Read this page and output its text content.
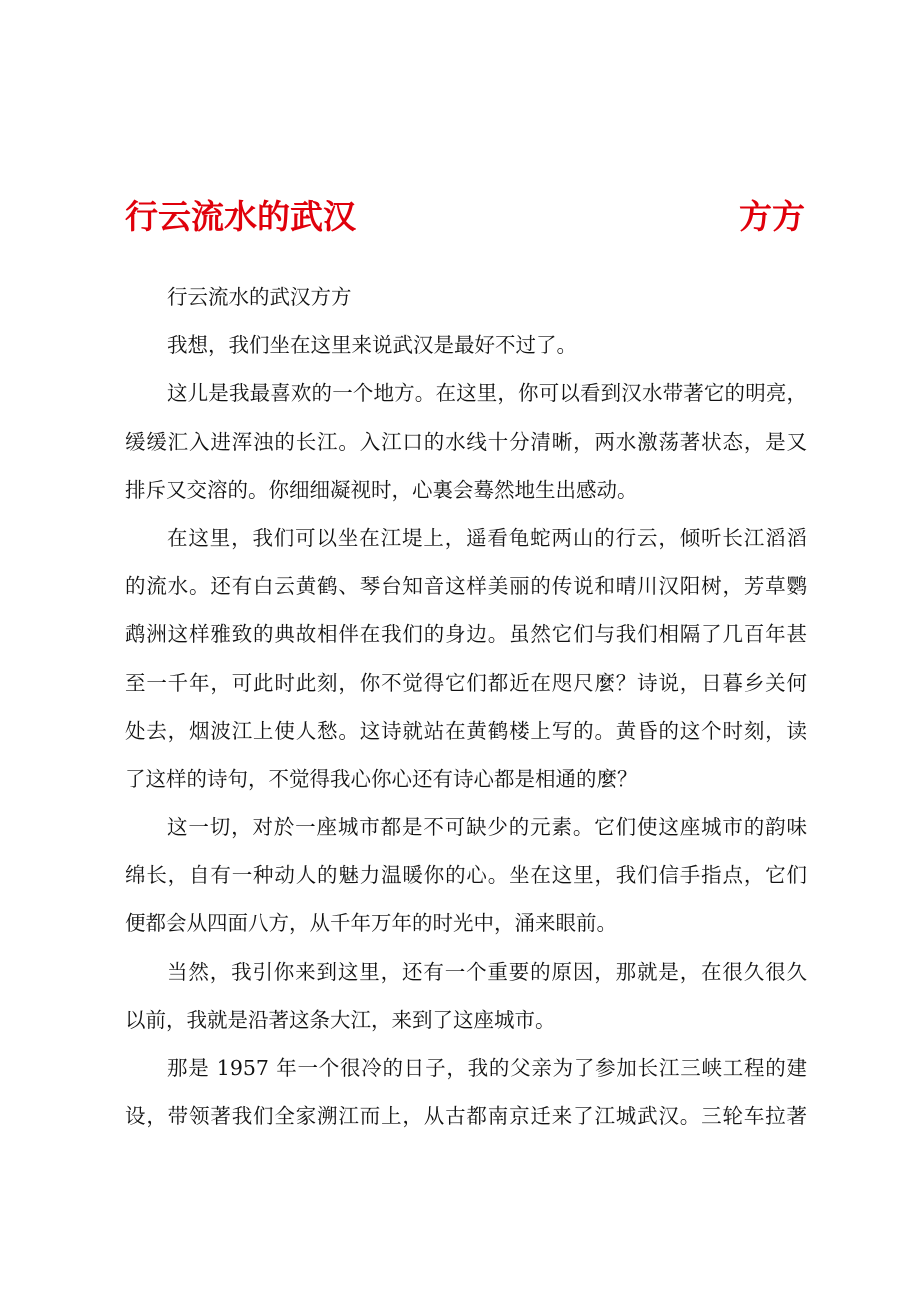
行云流水的武汉	方方
行云流水的武汉方方
我想，我们坐在这里来说武汉是最好不过了。
这儿是我最喜欢的一个地方。在这里，你可以看到汉水带著它的明亮，
缓缓汇入进浑浊的长江。入江口的水线十分清晰，两水激荡著状态，是又
排斥又交溶的。你细细凝视时，心裏会蓦然地生出感动。
在这里，我们可以坐在江堤上，遥看龟蛇两山的行云，倾听长江滔滔
的流水。还有白云黄鹤、琴台知音这样美丽的传说和晴川汉阳树，芳草鹦
鹉洲这样雅致的典故相伴在我们的身边。虽然它们与我们相隔了几百年甚
至一千年，可此时此刻，你不觉得它们都近在咫尺麼？诗说，日暮乡关何
处去，烟波江上使人愁。这诗就站在黄鹤楼上写的。黄昏的这个时刻，读
了这样的诗句，不觉得我心你心还有诗心都是相通的麼？
这一切，对於一座城市都是不可缺少的元素。它们使这座城市的韵味
绵长，自有一种动人的魅力温暖你的心。坐在这里，我们信手指点，它们
便都会从四面八方，从千年万年的时光中，涌来眼前。
当然，我引你来到这里，还有一个重要的原因，那就是，在很久很久
以前，我就是沿著这条大江，来到了这座城市。
那是 1957 年一个很冷的日子，我的父亲为了参加长江三峡工程的建
设，带领著我们全家溯江而上，从古都南京迁来了江城武汉。三轮车拉著
